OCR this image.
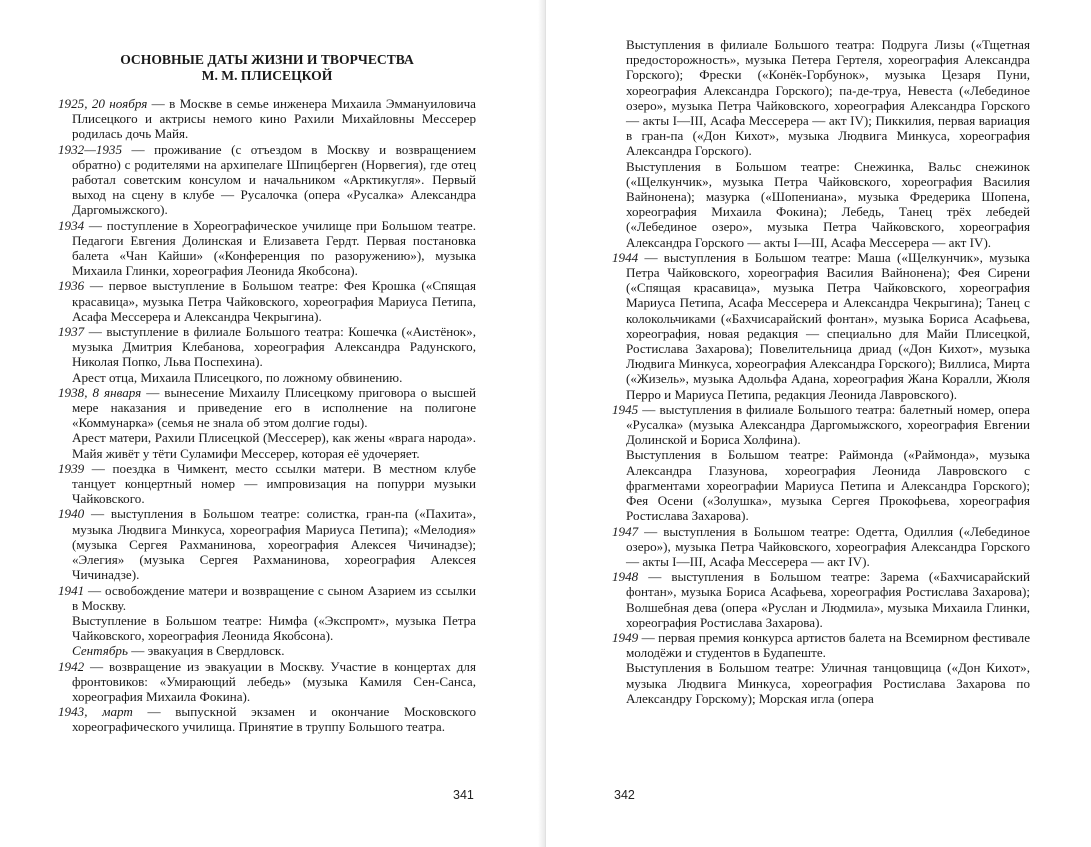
ОСНОВНЫЕ ДАТЫ ЖИЗНИ И ТВОРЧЕСТВА
М. М. ПЛИСЕЦКОЙ

1925, 20 ноября — в Москве в семье инженера Михаила Эммануиловича Плисецкого и актрисы немого кино Рахили Михайловны Мессерер родилась дочь Майя.

1932—1935 — проживание (с отъездом в Москву и возвращением обратно) с родителями на архипелаге Шпицберген (Норвегия), где отец работал советским консулом и начальником «Арктикугля». Первый выход на сцену в клубе — Русалочка (опера «Русалка» Александра Даргомыжского).

1934 — поступление в Хореографическое училище при Большом театре. Педагоги Евгения Долинская и Елизавета Гердт. Первая постановка балета «Чан Кайши» («Конференция по разоружению»), музыка Михаила Глинки, хореография Леонида Якобсона).

1936 — первое выступление в Большом театре: Фея Крошка («Спящая красавица», музыка Петра Чайковского, хореография Мариуса Петипа, Асафа Мессерера и Александра Чекрыгина).

1937 — выступление в филиале Большого театра: Кошечка («Аистёнок», музыка Дмитрия Клебанова, хореография Александра Радунского, Николая Попко, Льва Поспехина).

Арест отца, Михаила Плисецкого, по ложному обвинению.

1938, 8 января — вынесение Михаилу Плисецкому приговора о высшей мере наказания и приведение его в исполнение на полигоне «Коммунарка» (семья не знала об этом долгие годы).

Арест матери, Рахили Плисецкой (Мессерер), как жены «врага народа». Майя живёт у тёти Суламифи Мессерер, которая её удочеряет.

1939 — поездка в Чимкент, место ссылки матери. В местном клубе танцует концертный номер — импровизация на попурри музыки Чайковского.

1940 — выступления в Большом театре: солистка, гран-па («Пахита», музыка Людвига Минкуса, хореография Мариуса Петипа); «Мелодия» (музыка Сергея Рахманинова, хореография Алексея Чичинадзе); «Элегия» (музыка Сергея Рахманинова, хореография Алексея Чичинадзе).

1941 — освобождение матери и возвращение с сыном Азарием из ссылки в Москву.

Выступление в Большом театре: Нимфа («Экспромт», музыка Петра Чайковского, хореография Леонида Якобсона).

Сентябрь — эвакуация в Свердловск.

1942 — возвращение из эвакуации в Москву. Участие в концертах для фронтовиков: «Умирающий лебедь» (музыка Камиля Сен-Санса, хореография Михаила Фокина).

1943, март — выпускной экзамен и окончание Московского хореографического училища. Принятие в труппу Большого театра.

341

Выступления в филиале Большого театра: Подруга Лизы («Тщетная предосторожность», музыка Петера Гертеля, хореография Александра Горского); Фрески («Конёк-Горбунок», музыка Цезаря Пуни, хореография Александра Горского); па-де-труа, Невеста («Лебединое озеро», музыка Петра Чайковского, хореография Александра Горского — акты I—III, Асафа Мессерера — акт IV); Пиккилия, первая вариация в гран-па («Дон Кихот», музыка Людвига Минкуса, хореография Александра Горского).

Выступления в Большом театре: Снежинка, Вальс снежинок («Щелкунчик», музыка Петра Чайковского, хореография Василия Вайнонена); мазурка («Шопениана», музыка Фредерика Шопена, хореография Михаила Фокина); Лебедь, Танец трёх лебедей («Лебединое озеро», музыка Петра Чайковского, хореография Александра Горского — акты I—III, Асафа Мессерера — акт IV).

1944 — выступления в Большом театре: Маша («Щелкунчик», музыка Петра Чайковского, хореография Василия Вайнонена); Фея Сирени («Спящая красавица», музыка Петра Чайковского, хореография Мариуса Петипа, Асафа Мессерера и Александра Чекрыгина); Танец с колокольчиками («Бахчисарайский фонтан», музыка Бориса Асафьева, хореография, новая редакция — специально для Майи Плисецкой, Ростислава Захарова); Повелительница дриад («Дон Кихот», музыка Людвига Минкуса, хореография Александра Горского); Виллиса, Мирта («Жизель», музыка Адольфа Адана, хореография Жана Коралли, Жюля Перро и Мариуса Петипа, редакция Леонида Лавровского).

1945 — выступления в филиале Большого театра: балетный номер, опера «Русалка» (музыка Александра Даргомыжского, хореография Евгении Долинской и Бориса Холфина).

Выступления в Большом театре: Раймонда («Раймонда», музыка Александра Глазунова, хореография Леонида Лавровского с фрагментами хореографии Мариуса Петипа и Александра Горского); Фея Осени («Золушка», музыка Сергея Прокофьева, хореография Ростислава Захарова).

1947 — выступления в Большом театре: Одетта, Одиллия («Лебединое озеро»), музыка Петра Чайковского, хореография Александра Горского — акты I—III, Асафа Мессерера — акт IV).

1948 — выступления в Большом театре: Зарема («Бахчисарайский фонтан», музыка Бориса Асафьева, хореография Ростислава Захарова); Волшебная дева (опера «Руслан и Людмила», музыка Михаила Глинки, хореография Ростислава Захарова).

1949 — первая премия конкурса артистов балета на Всемирном фестивале молодёжи и студентов в Будапеште.

Выступления в Большом театре: Уличная танцовщица («Дон Кихот», музыка Людвига Минкуса, хореография Ростислава Захарова по Александру Горскому); Морская игла (опера

342
